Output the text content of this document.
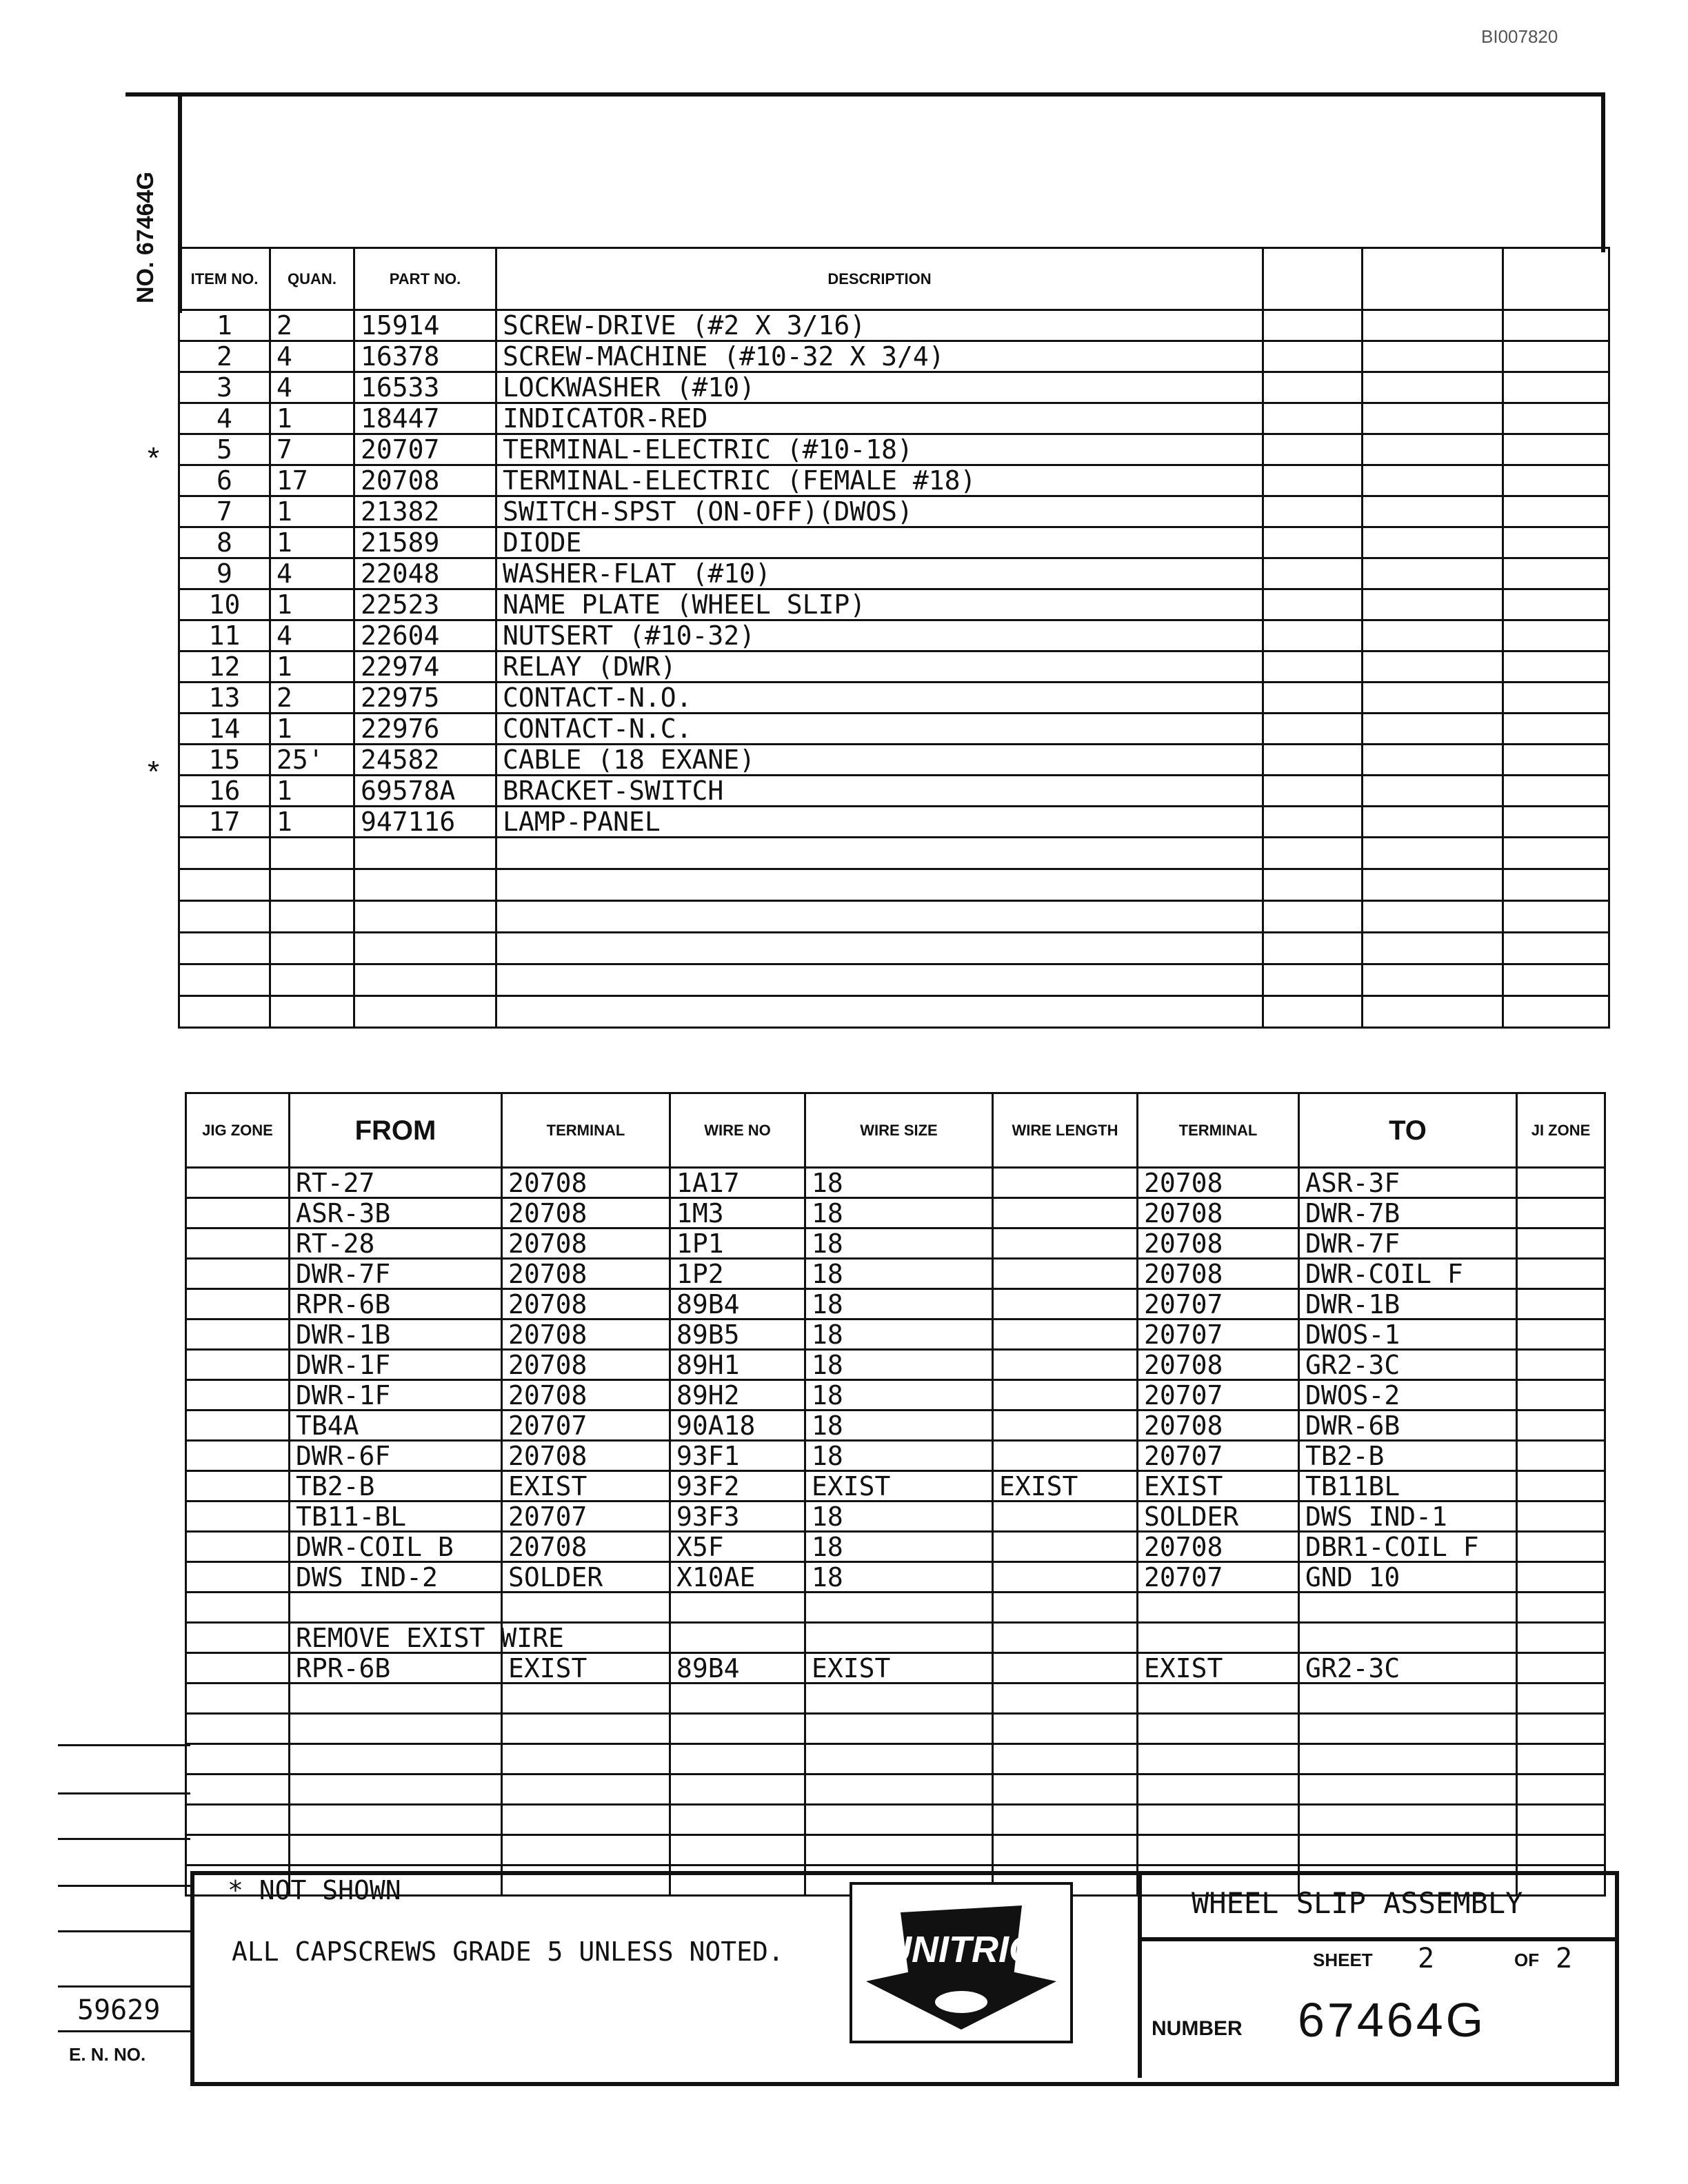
BI007820
NO. 67464G ITEM NO.	QUAN.	PART NO.	DESCRIPTION			
1	2	15914	SCREW-DRIVE (#2 X 3/16)			
2	4	16378	SCREW-MACHINE (#10-32 X 3/4)			
3	4	16533	LOCKWASHER (#10)			
4	1	18447	INDICATOR-RED			
5	7	20707	TERMINAL-ELECTRIC (#10-18)			
6	17	20708	TERMINAL-ELECTRIC (FEMALE #18)			
7	1	21382	SWITCH-SPST (ON-OFF)(DWOS)			
8	1	21589	DIODE			
9	4	22048	WASHER-FLAT (#10)			
10	1	22523	NAME PLATE (WHEEL SLIP)			
11	4	22604	NUTSERT (#10-32)			
12	1	22974	RELAY (DWR)			
13	2	22975	CONTACT-N.O.			
14	1	22976	CONTACT-N.C.			
15	25'	24582	CABLE (18 EXANE)			
16	1	69578A	BRACKET-SWITCH			
17	1	947116	LAMP-PANEL			

JIG ZONE	FROM	TERMINAL	WIRE NO	WIRE SIZE	WIRE LENGTH	TERMINAL	TO	JI ZONE
	RT-27	20708	1A17	18		20708	ASR-3F	
	ASR-3B	20708	1M3	18		20708	DWR-7B	
	RT-28	20708	1P1	18		20708	DWR-7F	
	DWR-7F	20708	1P2	18		20708	DWR-COIL F	
	RPR-6B	20708	89B4	18		20707	DWR-1B	
	DWR-1B	20708	89B5	18		20707	DWOS-1	
	DWR-1F	20708	89H1	18		20708	GR2-3C	
	DWR-1F	20708	89H2	18		20707	DWOS-2	
	TB4A	20707	90A18	18		20708	DWR-6B	
	DWR-6F	20708	93F1	18		20707	TB2-B	
	TB2-B	EXIST	93F2	EXIST	EXIST	EXIST	TB11BL	
	TB11-BL	20707	93F3	18		SOLDER	DWS IND-1	
	DWR-COIL B	20708	X5F	18		20708	DBR1-COIL F	
	DWS IND-2	SOLDER	X10AE	18		20707	GND 10	

	REMOVE EXIST WIRE							
	RPR-6B	EXIST	89B4	EXIST		EXIST	GR2-3C	

* NOT SHOWN
ALL CAPSCREWS GRADE 5 UNLESS NOTED.	UNITRIG
WHEEL SLIP ASSEMBLY
SHEET 2	OF 2
NUMBER 67464G
59629
E. N. NO.
*
*
